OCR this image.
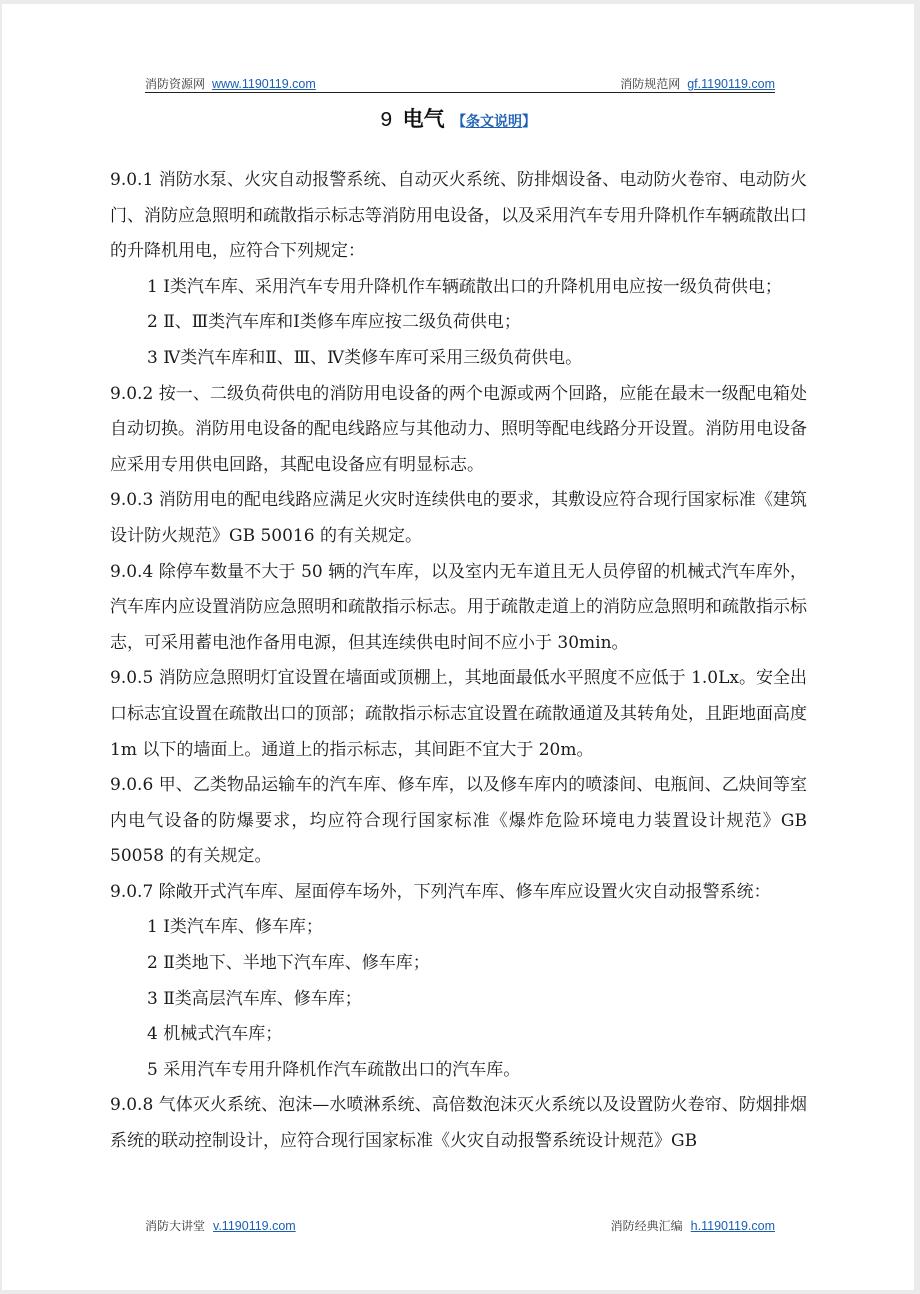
消防资源网 www.1190119.com	消防规范网 gf.1190119.com
9 电气 【条文说明】

9.0.1 消防水泵、火灾自动报警系统、自动灭火系统、防排烟设备、电动防火卷帘、电动防火门、消防应急照明和疏散指示标志等消防用电设备，以及采用汽车专用升降机作车辆疏散出口的升降机用电，应符合下列规定：

1 Ⅰ类汽车库、采用汽车专用升降机作车辆疏散出口的升降机用电应按一级负荷供电；

2 Ⅱ、Ⅲ类汽车库和Ⅰ类修车库应按二级负荷供电；

3 Ⅳ类汽车库和Ⅱ、Ⅲ、Ⅳ类修车库可采用三级负荷供电。

9.0.2 按一、二级负荷供电的消防用电设备的两个电源或两个回路，应能在最末一级配电箱处自动切换。消防用电设备的配电线路应与其他动力、照明等配电线路分开设置。消防用电设备应采用专用供电回路，其配电设备应有明显标志。

9.0.3 消防用电的配电线路应满足火灾时连续供电的要求，其敷设应符合现行国家标准《建筑设计防火规范》GB 50016 的有关规定。

9.0.4 除停车数量不大于 50 辆的汽车库，以及室内无车道且无人员停留的机械式汽车库外，汽车库内应设置消防应急照明和疏散指示标志。用于疏散走道上的消防应急照明和疏散指示标志，可采用蓄电池作备用电源，但其连续供电时间不应小于 30min。

9.0.5 消防应急照明灯宜设置在墙面或顶棚上，其地面最低水平照度不应低于 1.0Lx。安全出口标志宜设置在疏散出口的顶部；疏散指示标志宜设置在疏散通道及其转角处，且距地面高度 1m 以下的墙面上。通道上的指示标志，其间距不宜大于 20m。

9.0.6 甲、乙类物品运输车的汽车库、修车库，以及修车库内的喷漆间、电瓶间、乙炔间等室内电气设备的防爆要求，均应符合现行国家标准《爆炸危险环境电力装置设计规范》GB 50058 的有关规定。

9.0.7 除敞开式汽车库、屋面停车场外，下列汽车库、修车库应设置火灾自动报警系统：

1 Ⅰ类汽车库、修车库；

2 Ⅱ类地下、半地下汽车库、修车库；

3 Ⅱ类高层汽车库、修车库；

4 机械式汽车库；

5 采用汽车专用升降机作汽车疏散出口的汽车库。

9.0.8 气体灭火系统、泡沫—水喷淋系统、高倍数泡沫灭火系统以及设置防火卷帘、防烟排烟系统的联动控制设计，应符合现行国家标准《火灾自动报警系统设计规范》GB

消防大讲堂 v.1190119.com	消防经典汇编 h.1190119.com
